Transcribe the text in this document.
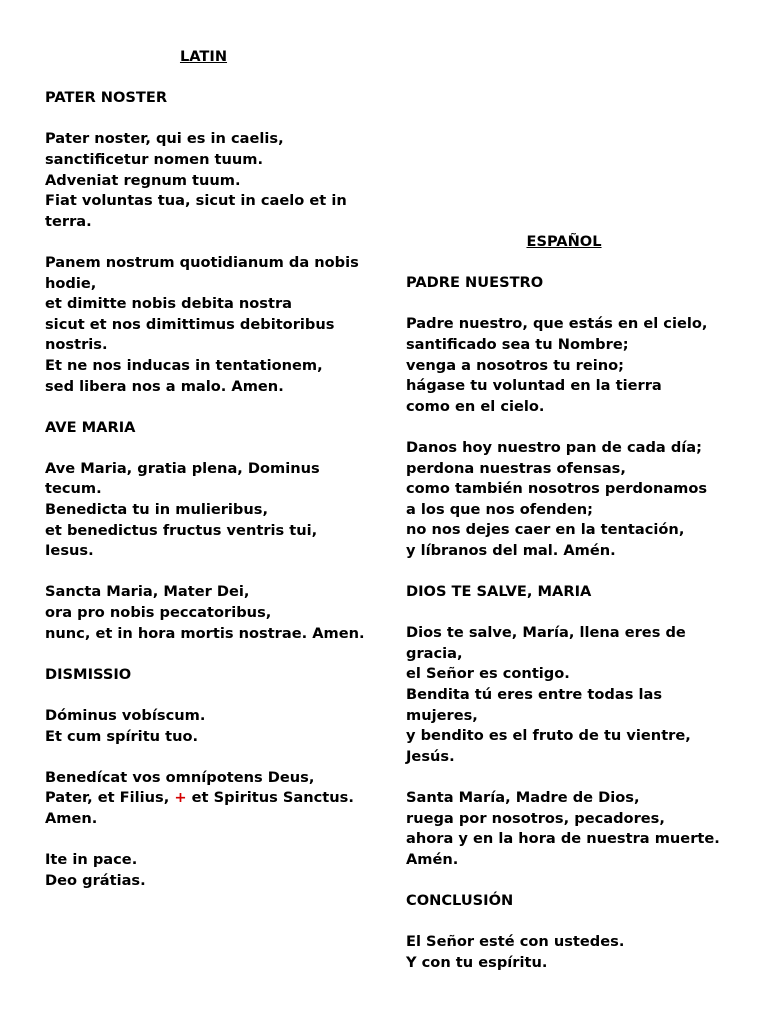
LATIN
PATER NOSTER
Pater noster, qui es in caelis,
sanctificetur nomen tuum.
Adveniat regnum tuum.
Fiat voluntas tua, sicut in caelo et in
terra.
Panem nostrum quotidianum da nobis
hodie,
et dimitte nobis debita nostra
sicut et nos dimittimus debitoribus
nostris.
Et ne nos inducas in tentationem,
sed libera nos a malo. Amen.
AVE MARIA
Ave Maria, gratia plena, Dominus
tecum.
Benedicta tu in mulieribus,
et benedictus fructus ventris tui,
Iesus.
Sancta Maria, Mater Dei,
ora pro nobis peccatoribus,
nunc, et in hora mortis nostrae. Amen.
DISMISSIO
Dóminus vobíscum.
Et cum spíritu tuo.
Benedícat vos omnípotens Deus,
Pater, et Filius, + et Spiritus Sanctus.
Amen.
Ite in pace.
Deo grátias.
ESPAÑOL
PADRE NUESTRO
Padre nuestro, que estás en el cielo,
santificado sea tu Nombre;
venga a nosotros tu reino;
hágase tu voluntad en la tierra
como en el cielo.
Danos hoy nuestro pan de cada día;
perdona nuestras ofensas,
como también nosotros perdonamos
a los que nos ofenden;
no nos dejes caer en la tentación,
y líbranos del mal. Amén.
DIOS TE SALVE, MARIA
Dios te salve, María, llena eres de
gracia,
el Señor es contigo.
Bendita tú eres entre todas las
mujeres,
y bendito es el fruto de tu vientre,
Jesús.
Santa María, Madre de Dios,
ruega por nosotros, pecadores,
ahora y en la hora de nuestra muerte.
Amén.
CONCLUSIÓN
El Señor esté con ustedes.
Y con tu espíritu.
